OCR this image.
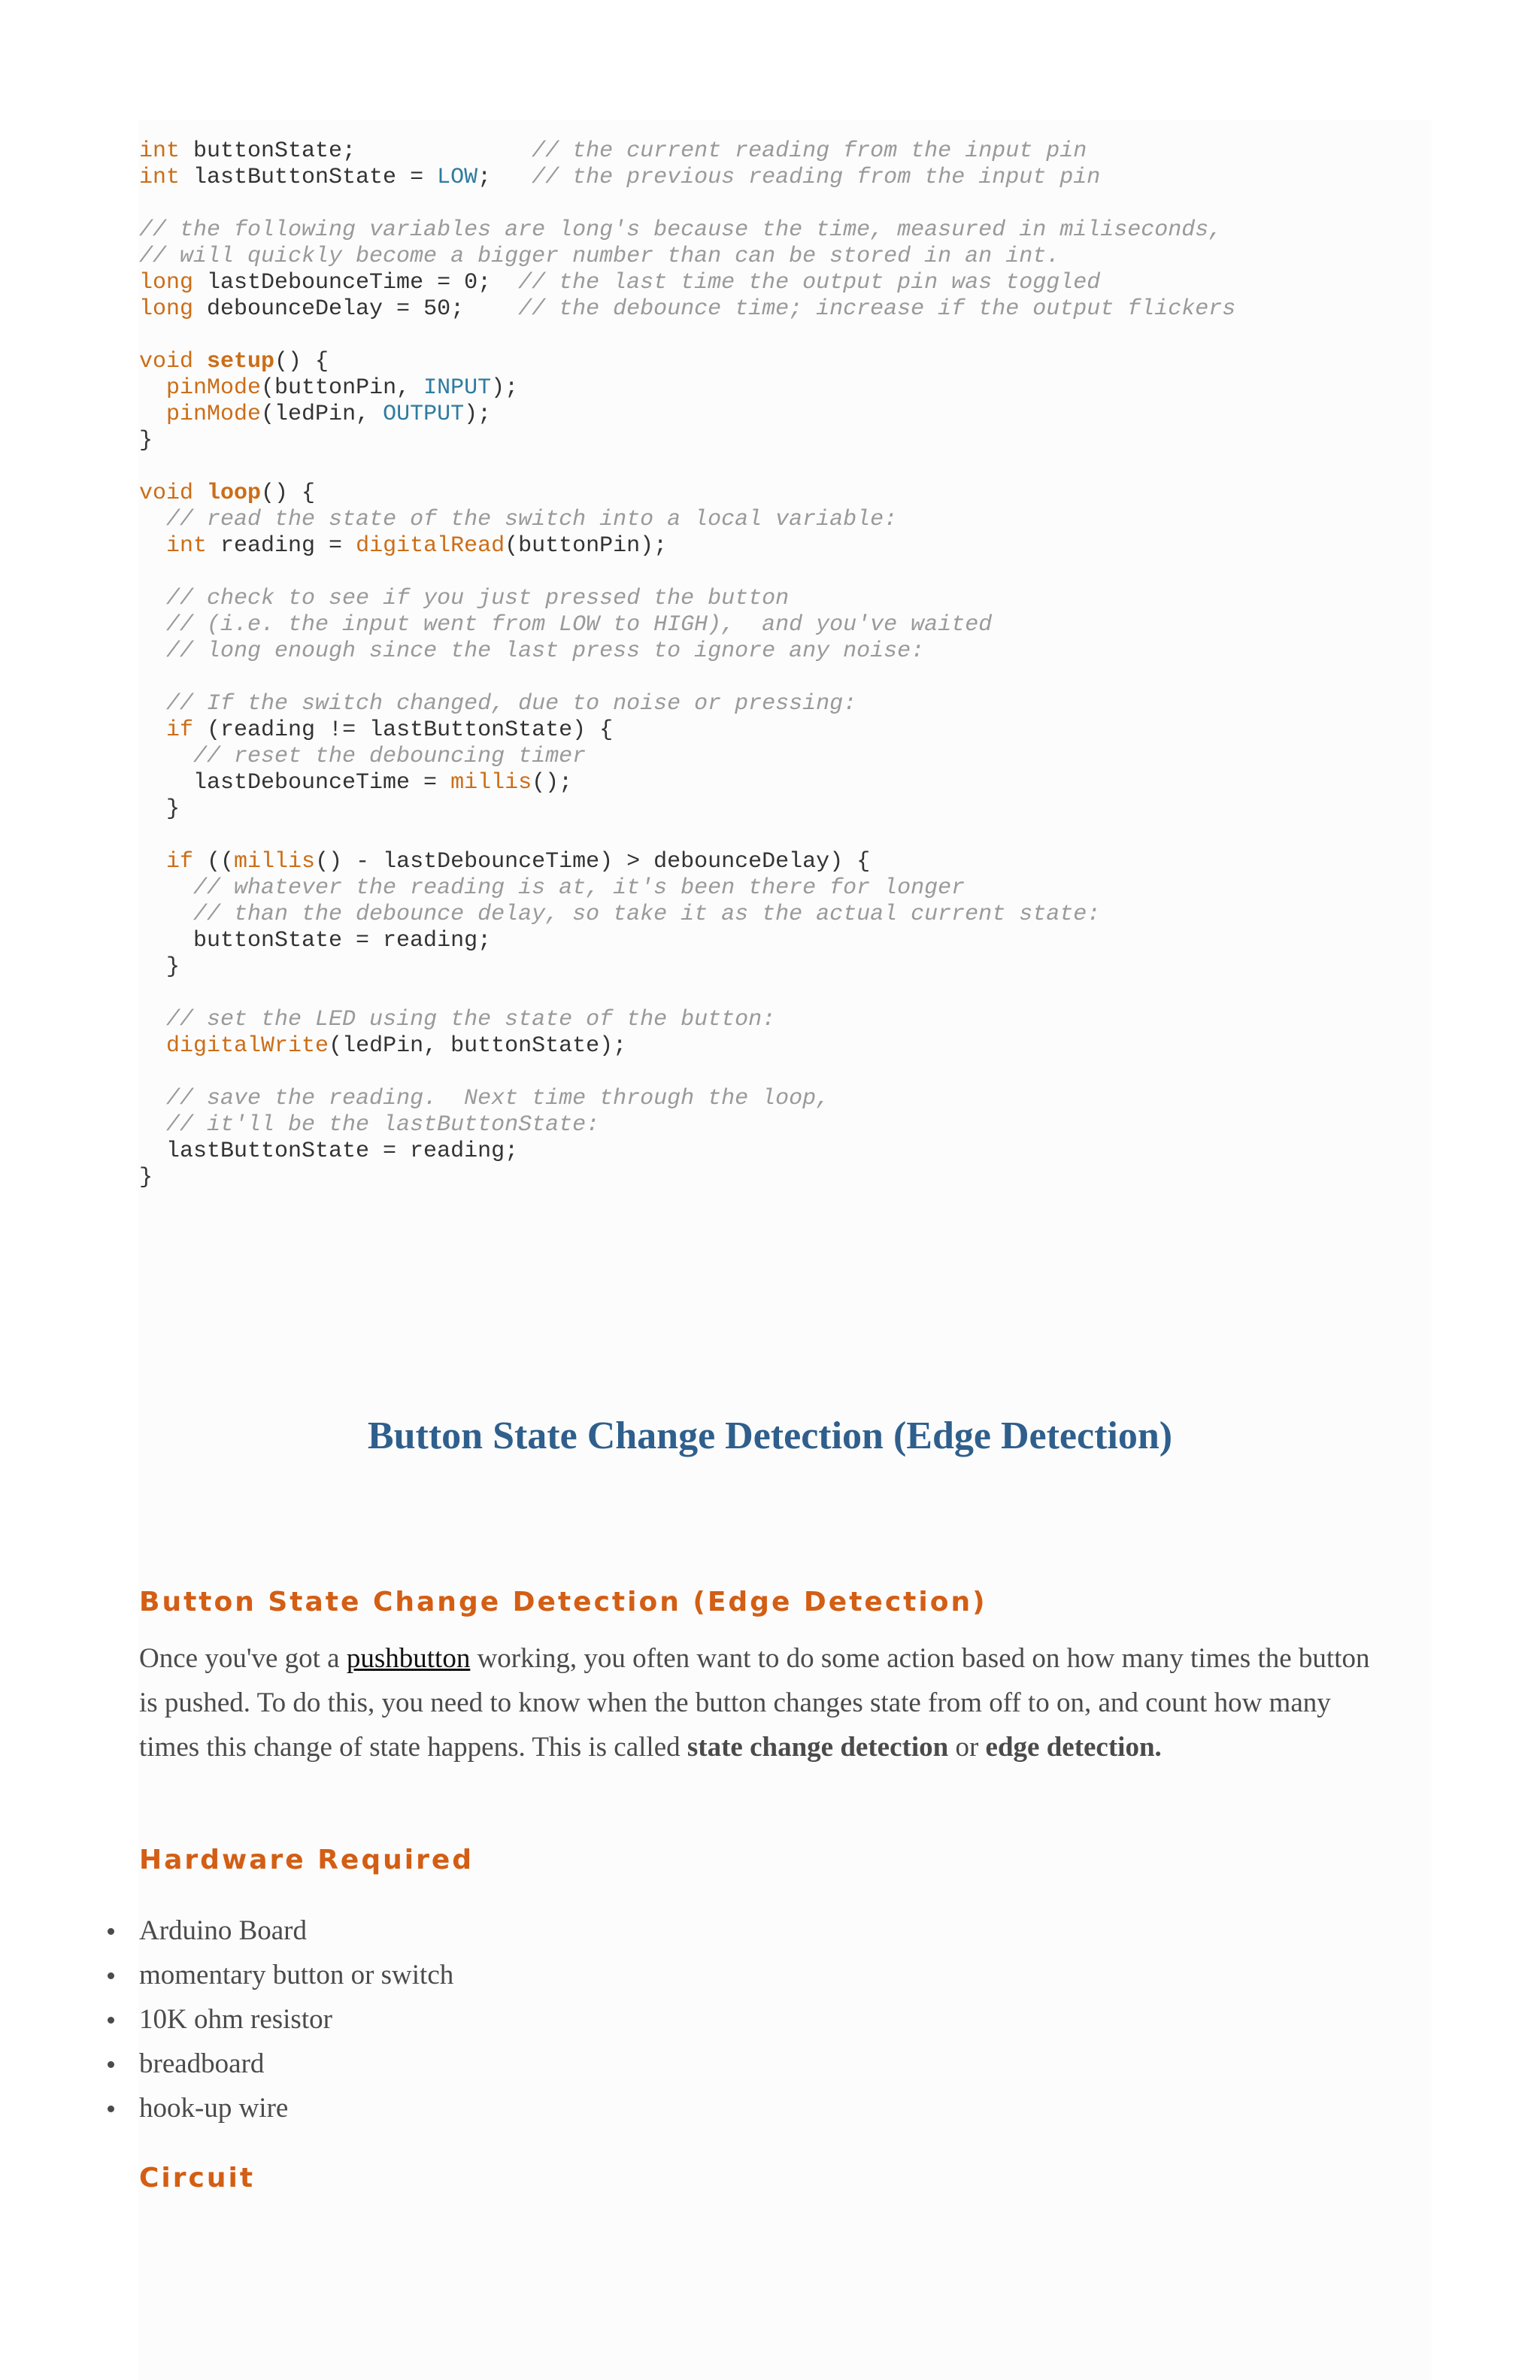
int buttonState;             // the current reading from the input pin
int lastButtonState = LOW;   // the previous reading from the input pin
// the following variables are long's because the time, measured in miliseconds,
// will quickly become a bigger number than can be stored in an int.
long lastDebounceTime = 0;  // the last time the output pin was toggled
long debounceDelay = 50;    // the debounce time; increase if the output flickers
void setup() {
pinMode(buttonPin, INPUT);
pinMode(ledPin, OUTPUT);
}
void loop() {
// read the state of the switch into a local variable:
int reading = digitalRead(buttonPin);
// check to see if you just pressed the button
// (i.e. the input went from LOW to HIGH),  and you've waited
// long enough since the last press to ignore any noise:
// If the switch changed, due to noise or pressing:
if (reading != lastButtonState) {
// reset the debouncing timer
lastDebounceTime = millis();
}
if ((millis() - lastDebounceTime) > debounceDelay) {
// whatever the reading is at, it's been there for longer
// than the debounce delay, so take it as the actual current state:
buttonState = reading;
}
// set the LED using the state of the button:
digitalWrite(ledPin, buttonState);
// save the reading.  Next time through the loop,
// it'll be the lastButtonState:
lastButtonState = reading;
}
Button State Change Detection (Edge Detection)
Button State Change Detection (Edge Detection)

Once you've got a pushbutton working, you often want to do some action based on how many times the button is pushed. To do this, you need to know when the button changes state from off to on, and count how many times this change of state happens. This is called state change detection or edge detection.

Hardware Required
Arduino Board
momentary button or switch
10K ohm resistor
breadboard
hook-up wire
Circuit
